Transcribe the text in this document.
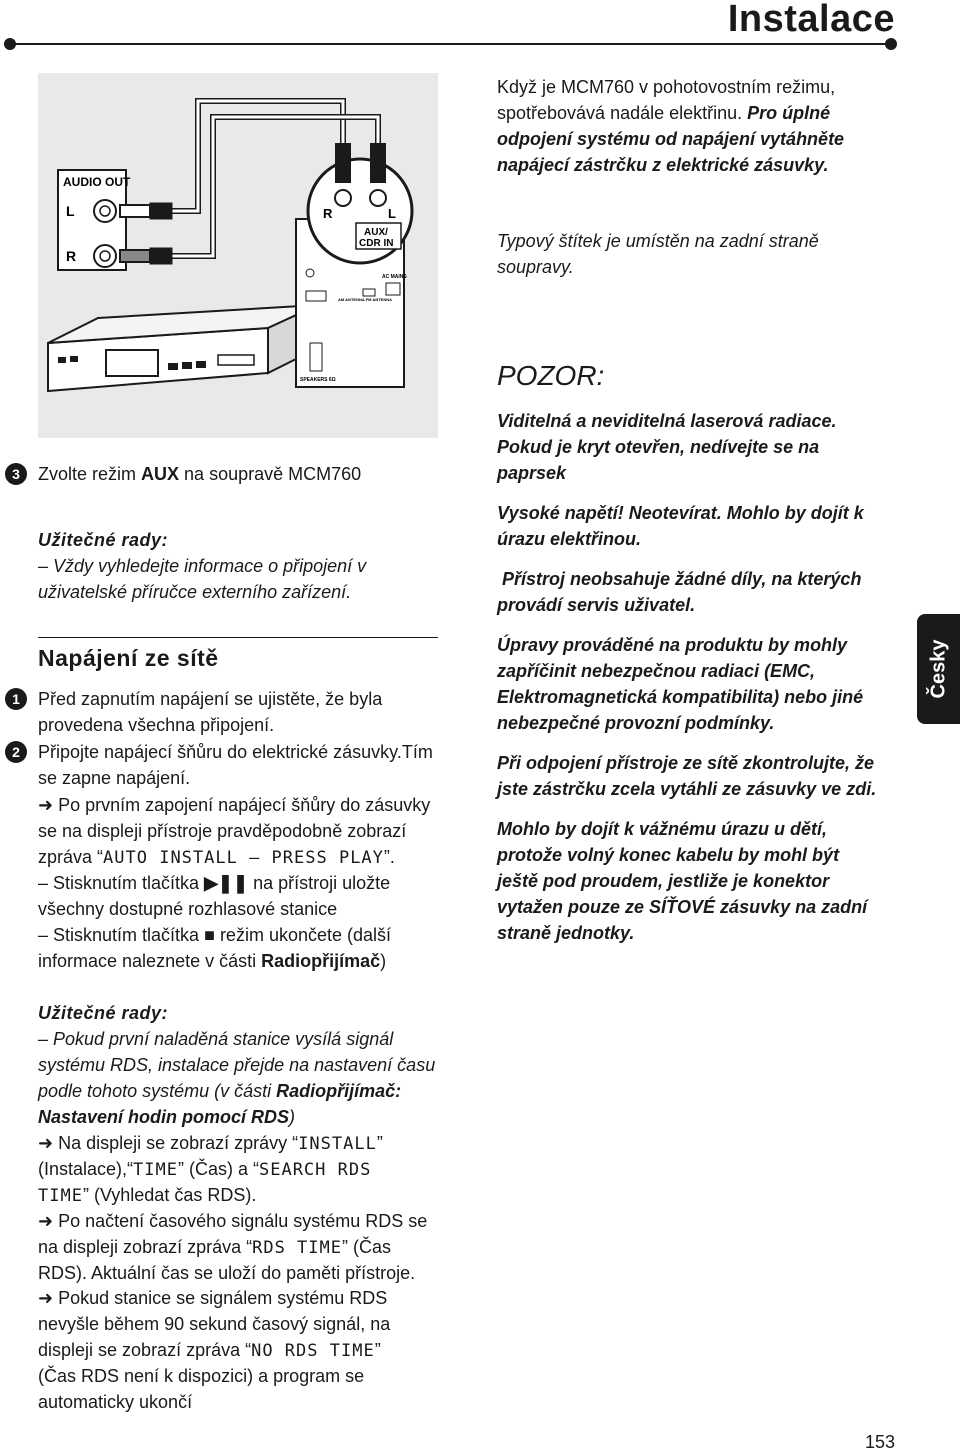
Instalace
AC MAINS
AM ANTENNA FM ANTENNA
SPEAKERS 6Ω
AUDIO OUT
L
R
R	L
AUX/
CDR IN
3	Zvolte režim AUX na soupravě MCM760
Užitečné rady:
– Vždy vyhledejte informace o připojení v
uživatelské příručce externího zařízení.
Napájení ze sítě
1	Před zapnutím napájení se ujistěte, že byla
provedena všechna připojení.
2	Připojte napájecí šňůru do elektrické zásuvky.Tím
se zapne napájení.
➜ Po prvním zapojení napájecí šňůry do zásuvky
se na displeji přístroje pravděpodobně zobrazí
zpráva “AUTO INSTALL – PRESS PLAY”.
– Stisknutím tlačítka ▶❚❚ na přístroji uložte
všechny dostupné rozhlasové stanice
– Stisknutím tlačítka ■ režim ukončete (další
informace naleznete v části Radiopřijímač)
Užitečné rady:
– Pokud první naladěná stanice vysílá signál
systému RDS, instalace přejde na nastavení času
podle tohoto systému (v části Radiopřijímač:
Nastavení hodin pomocí RDS)
➜ Na displeji se zobrazí zprávy “INSTALL”
(Instalace),“TIME” (Čas) a “SEARCH RDS
TIME” (Vyhledat čas RDS).
➜ Po načtení časového signálu systému RDS se
na displeji zobrazí zpráva “RDS TIME” (Čas
RDS). Aktuální čas se uloží do paměti přístroje.
➜ Pokud stanice se signálem systému RDS
nevyšle během 90 sekund časový signál, na
displeji se zobrazí zpráva “NO RDS TIME”
(Čas RDS není k dispozici) a program se
automaticky ukončí
Když je MCM760 v pohotovostním režimu,
spotřebovává nadále elektřinu. Pro úplné
odpojení systému od napájení vytáhněte
napájecí zástrčku z elektrické zásuvky.
Typový štítek je umístěn na zadní straně
soupravy.
POZOR:
Viditelná a neviditelná laserová radiace.
Pokud je kryt otevřen, nedívejte se na
paprsek
Vysoké napětí! Neotevírat. Mohlo by dojít k
úrazu elektřinou.
Přístroj neobsahuje žádné díly, na kterých
provádí servis uživatel.
Úpravy prováděné na produktu by mohly
zapříčinit nebezpečnou radiaci (EMC,
Elektromagnetická kompatibilita) nebo jiné
nebezpečné provozní podmínky.
Při odpojení přístroje ze sítě zkontrolujte, že
jste zástrčku zcela vytáhli ze zásuvky ve zdi.
Mohlo by dojít k vážnému úrazu u dětí,
protože volný konec kabelu by mohl být
ještě pod proudem, jestliže je konektor
vytažen pouze ze SÍŤOVÉ zásuvky na zadní
straně jednotky.
Česky
153
